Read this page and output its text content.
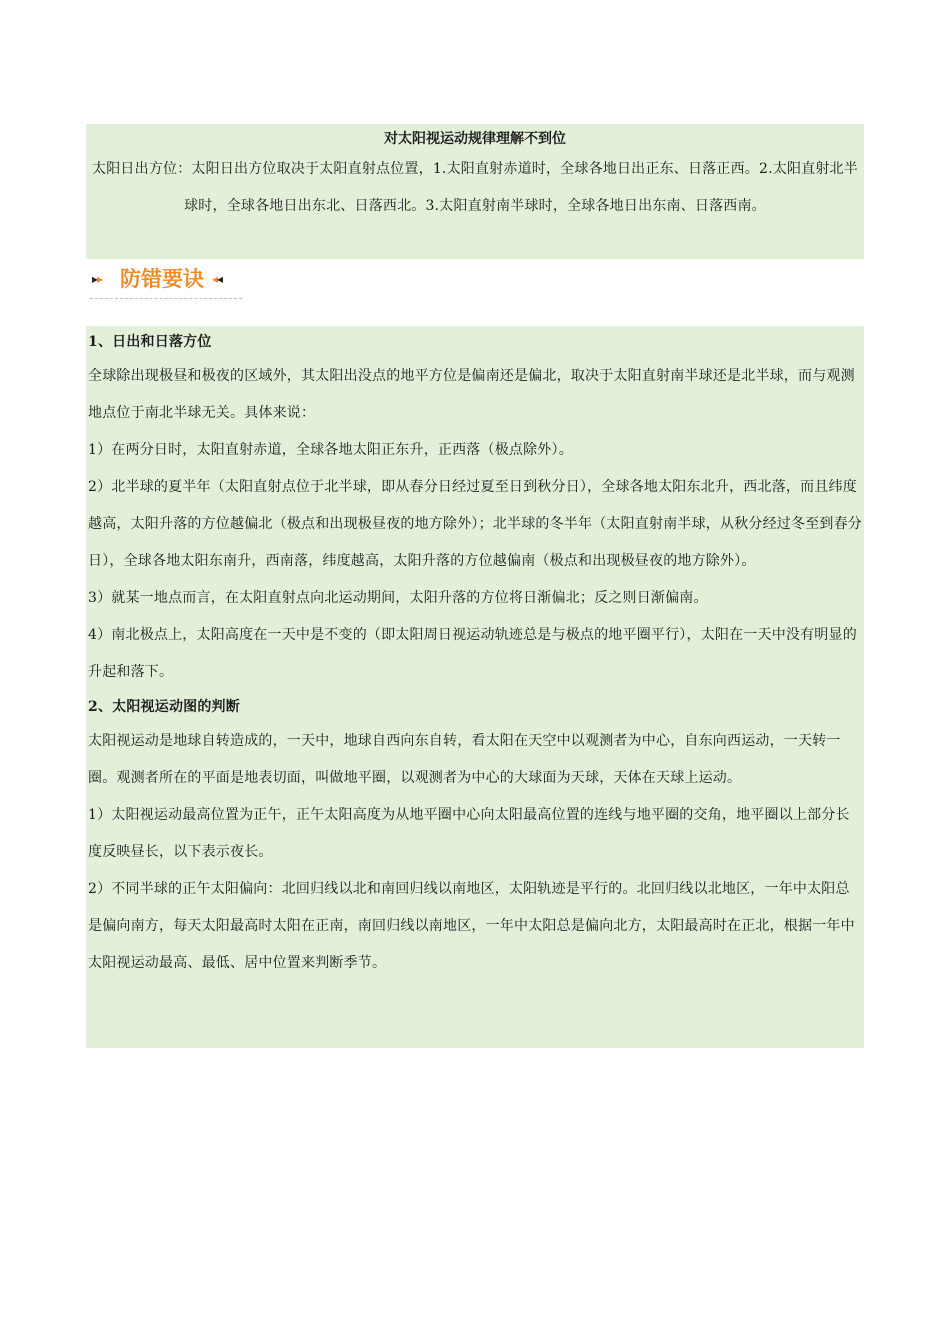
对太阳视运动规律理解不到位

太阳日出方位：太阳日出方位取决于太阳直射点位置，1.太阳直射赤道时，全球各地日出正东、日落正西。2.太阳直射北半球时，全球各地日出东北、日落西北。3.太阳直射南半球时，全球各地日出东南、日落西南。

▸▸ 防错要诀 ◂◂

1、日出和日落方位

全球除出现极昼和极夜的区域外，其太阳出没点的地平方位是偏南还是偏北，取决于太阳直射南半球还是北半球，而与观测地点位于南北半球无关。具体来说：

1）在两分日时，太阳直射赤道，全球各地太阳正东升，正西落（极点除外）。

2）北半球的夏半年（太阳直射点位于北半球，即从春分日经过夏至日到秋分日），全球各地太阳东北升，西北落，而且纬度越高，太阳升落的方位越偏北（极点和出现极昼夜的地方除外）；北半球的冬半年（太阳直射南半球，从秋分经过冬至到春分日），全球各地太阳东南升，西南落，纬度越高，太阳升落的方位越偏南（极点和出现极昼夜的地方除外）。

3）就某一地点而言，在太阳直射点向北运动期间，太阳升落的方位将日渐偏北；反之则日渐偏南。

4）南北极点上，太阳高度在一天中是不变的（即太阳周日视运动轨迹总是与极点的地平圈平行），太阳在一天中没有明显的升起和落下。

2、太阳视运动图的判断

太阳视运动是地球自转造成的，一天中，地球自西向东自转，看太阳在天空中以观测者为中心，自东向西运动，一天转一圈。观测者所在的平面是地表切面，叫做地平圈，以观测者为中心的大球面为天球，天体在天球上运动。

1）太阳视运动最高位置为正午，正午太阳高度为从地平圈中心向太阳最高位置的连线与地平圈的交角，地平圈以上部分长度反映昼长，以下表示夜长。

2）不同半球的正午太阳偏向：北回归线以北和南回归线以南地区，太阳轨迹是平行的。北回归线以北地区，一年中太阳总是偏向南方，每天太阳最高时太阳在正南，南回归线以南地区，一年中太阳总是偏向北方，太阳最高时在正北，根据一年中太阳视运动最高、最低、居中位置来判断季节。
